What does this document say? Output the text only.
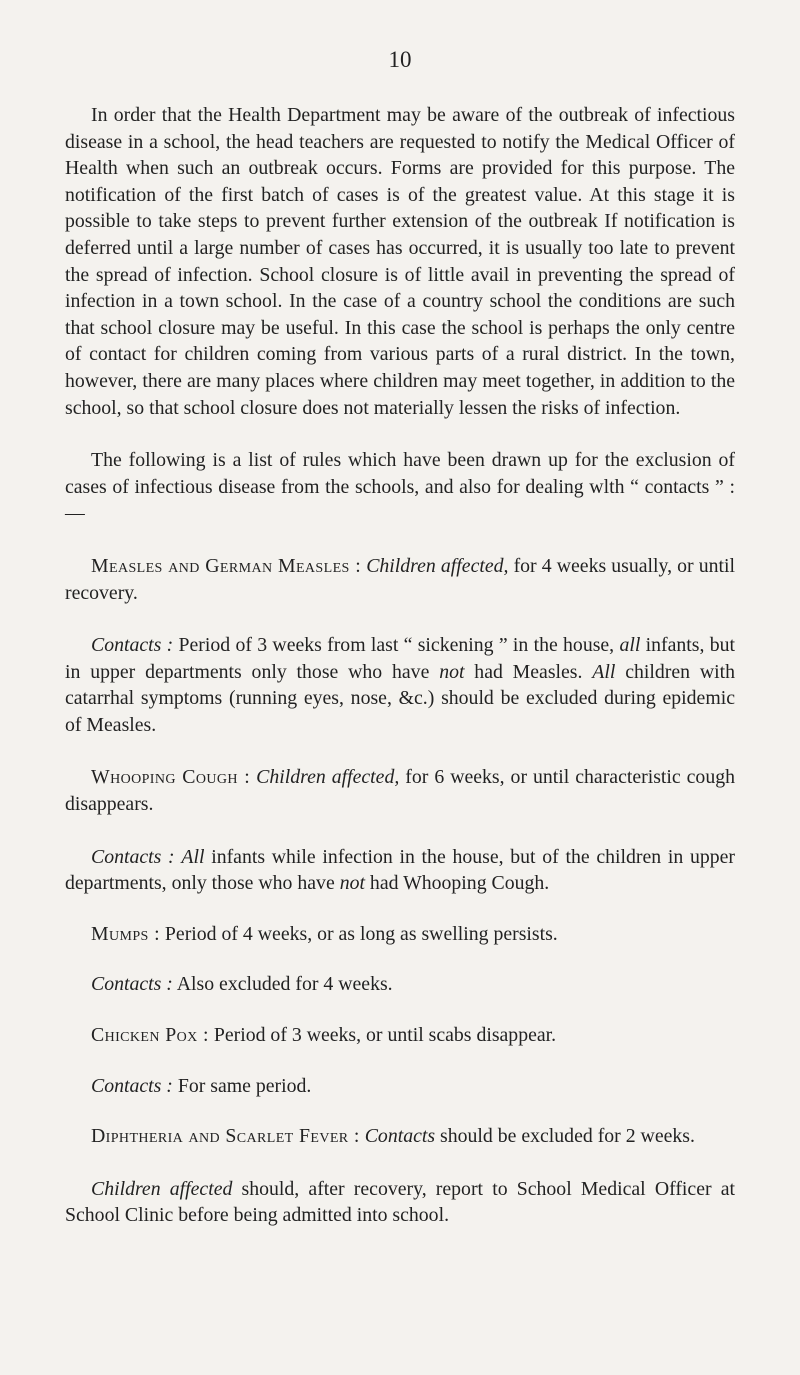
10

In order that the Health Department may be aware of the outbreak of infectious disease in a school, the head teachers are requested to notify the Medical Officer of Health when such an outbreak occurs. Forms are provided for this purpose. The notification of the first batch of cases is of the greatest value. At this stage it is possible to take steps to prevent further extension of the outbreak If notification is deferred until a large number of cases has occurred, it is usually too late to prevent the spread of infection. School closure is of little avail in preventing the spread of infection in a town school. In the case of a country school the conditions are such that school closure may be useful. In this case the school is perhaps the only centre of contact for children coming from various parts of a rural district. In the town, however, there are many places where children may meet together, in addition to the school, so that school closure does not materially lessen the risks of infection.

The following is a list of rules which have been drawn up for the exclusion of cases of infectious disease from the schools, and also for dealing wlth “ contacts ” :—

Measles and German Measles : Children affected, for 4 weeks usually, or until recovery.

Contacts : Period of 3 weeks from last “ sickening ” in the house, all infants, but in upper departments only those who have not had Measles. All children with catarrhal symptoms (running eyes, nose, &c.) should be excluded during epidemic of Measles.

Whooping Cough : Children affected, for 6 weeks, or until characteristic cough disappears.

Contacts : All infants while infection in the house, but of the children in upper departments, only those who have not had Whooping Cough.

Mumps : Period of 4 weeks, or as long as swelling persists.

Contacts : Also excluded for 4 weeks.

Chicken Pox : Period of 3 weeks, or until scabs disappear.

Contacts : For same period.

Diphtheria and Scarlet Fever : Contacts should be excluded for 2 weeks.

Children affected should, after recovery, report to School Medical Officer at School Clinic before being admitted into school.
